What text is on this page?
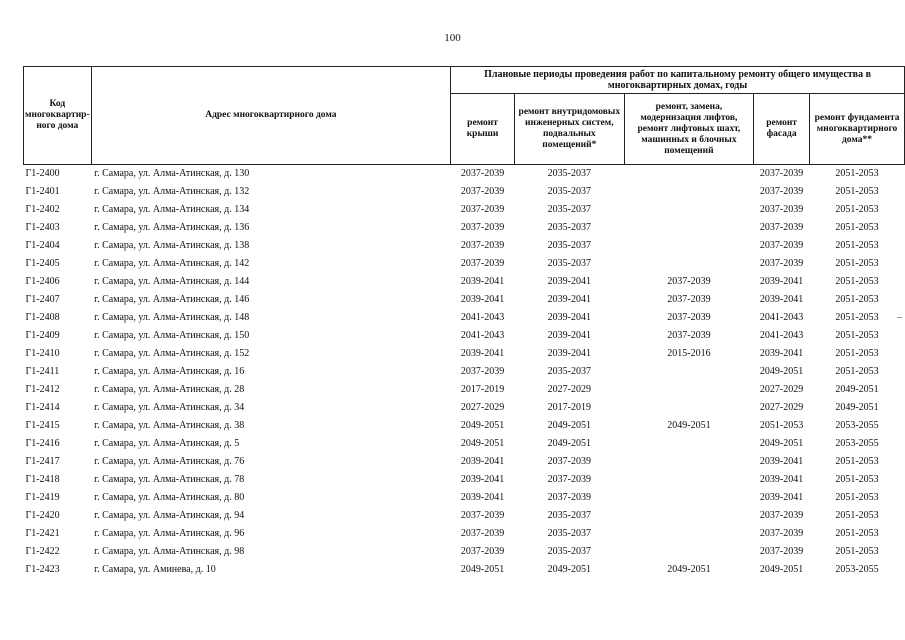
100
Код многоквартир-ного дома	Адрес многоквартирного дома	Плановые периоды проведения работ по капитальному ремонту общего имущества в многоквартирных домах, годы				
		ремонт крыши	ремонт внутридомовых инженерных систем, подвальных помещений*	ремонт, замена, модернизация лифтов, ремонт лифтовых шахт, машинных и блочных помещений	ремонт фасада	ремонт фундамента многоквартирного дома**
Г1-2400	г. Самара, ул. Алма-Атинская, д. 130	2037-2039	2035-2037		2037-2039	2051-2053
Г1-2401	г. Самара, ул. Алма-Атинская, д. 132	2037-2039	2035-2037		2037-2039	2051-2053
Г1-2402	г. Самара, ул. Алма-Атинская, д. 134	2037-2039	2035-2037		2037-2039	2051-2053
Г1-2403	г. Самара, ул. Алма-Атинская, д. 136	2037-2039	2035-2037		2037-2039	2051-2053
Г1-2404	г. Самара, ул. Алма-Атинская, д. 138	2037-2039	2035-2037		2037-2039	2051-2053
Г1-2405	г. Самара, ул. Алма-Атинская, д. 142	2037-2039	2035-2037		2037-2039	2051-2053
Г1-2406	г. Самара, ул. Алма-Атинская, д. 144	2039-2041	2039-2041	2037-2039	2039-2041	2051-2053
Г1-2407	г. Самара, ул. Алма-Атинская, д. 146	2039-2041	2039-2041	2037-2039	2039-2041	2051-2053
Г1-2408	г. Самара, ул. Алма-Атинская, д. 148	2041-2043	2039-2041	2037-2039	2041-2043	2051-2053
Г1-2409	г. Самара, ул. Алма-Атинская, д. 150	2041-2043	2039-2041	2037-2039	2041-2043	2051-2053
Г1-2410	г. Самара, ул. Алма-Атинская, д. 152	2039-2041	2039-2041	2015-2016	2039-2041	2051-2053
Г1-2411	г. Самара, ул. Алма-Атинская, д. 16	2037-2039	2035-2037		2049-2051	2051-2053
Г1-2412	г. Самара, ул. Алма-Атинская, д. 28	2017-2019	2027-2029		2027-2029	2049-2051
Г1-2414	г. Самара, ул. Алма-Атинская, д. 34	2027-2029	2017-2019		2027-2029	2049-2051
Г1-2415	г. Самара, ул. Алма-Атинская, д. 38	2049-2051	2049-2051	2049-2051	2051-2053	2053-2055
Г1-2416	г. Самара, ул. Алма-Атинская, д. 5	2049-2051	2049-2051		2049-2051	2053-2055
Г1-2417	г. Самара, ул. Алма-Атинская, д. 76	2039-2041	2037-2039		2039-2041	2051-2053
Г1-2418	г. Самара, ул. Алма-Атинская, д. 78	2039-2041	2037-2039		2039-2041	2051-2053
Г1-2419	г. Самара, ул. Алма-Атинская, д. 80	2039-2041	2037-2039		2039-2041	2051-2053
Г1-2420	г. Самара, ул. Алма-Атинская, д. 94	2037-2039	2035-2037		2037-2039	2051-2053
Г1-2421	г. Самара, ул. Алма-Атинская, д. 96	2037-2039	2035-2037		2037-2039	2051-2053
Г1-2422	г. Самара, ул. Алма-Атинская, д. 98	2037-2039	2035-2037		2037-2039	2051-2053
Г1-2423	г. Самара, ул. Аминева, д. 10	2049-2051	2049-2051	2049-2051	2049-2051	2053-2055
–
